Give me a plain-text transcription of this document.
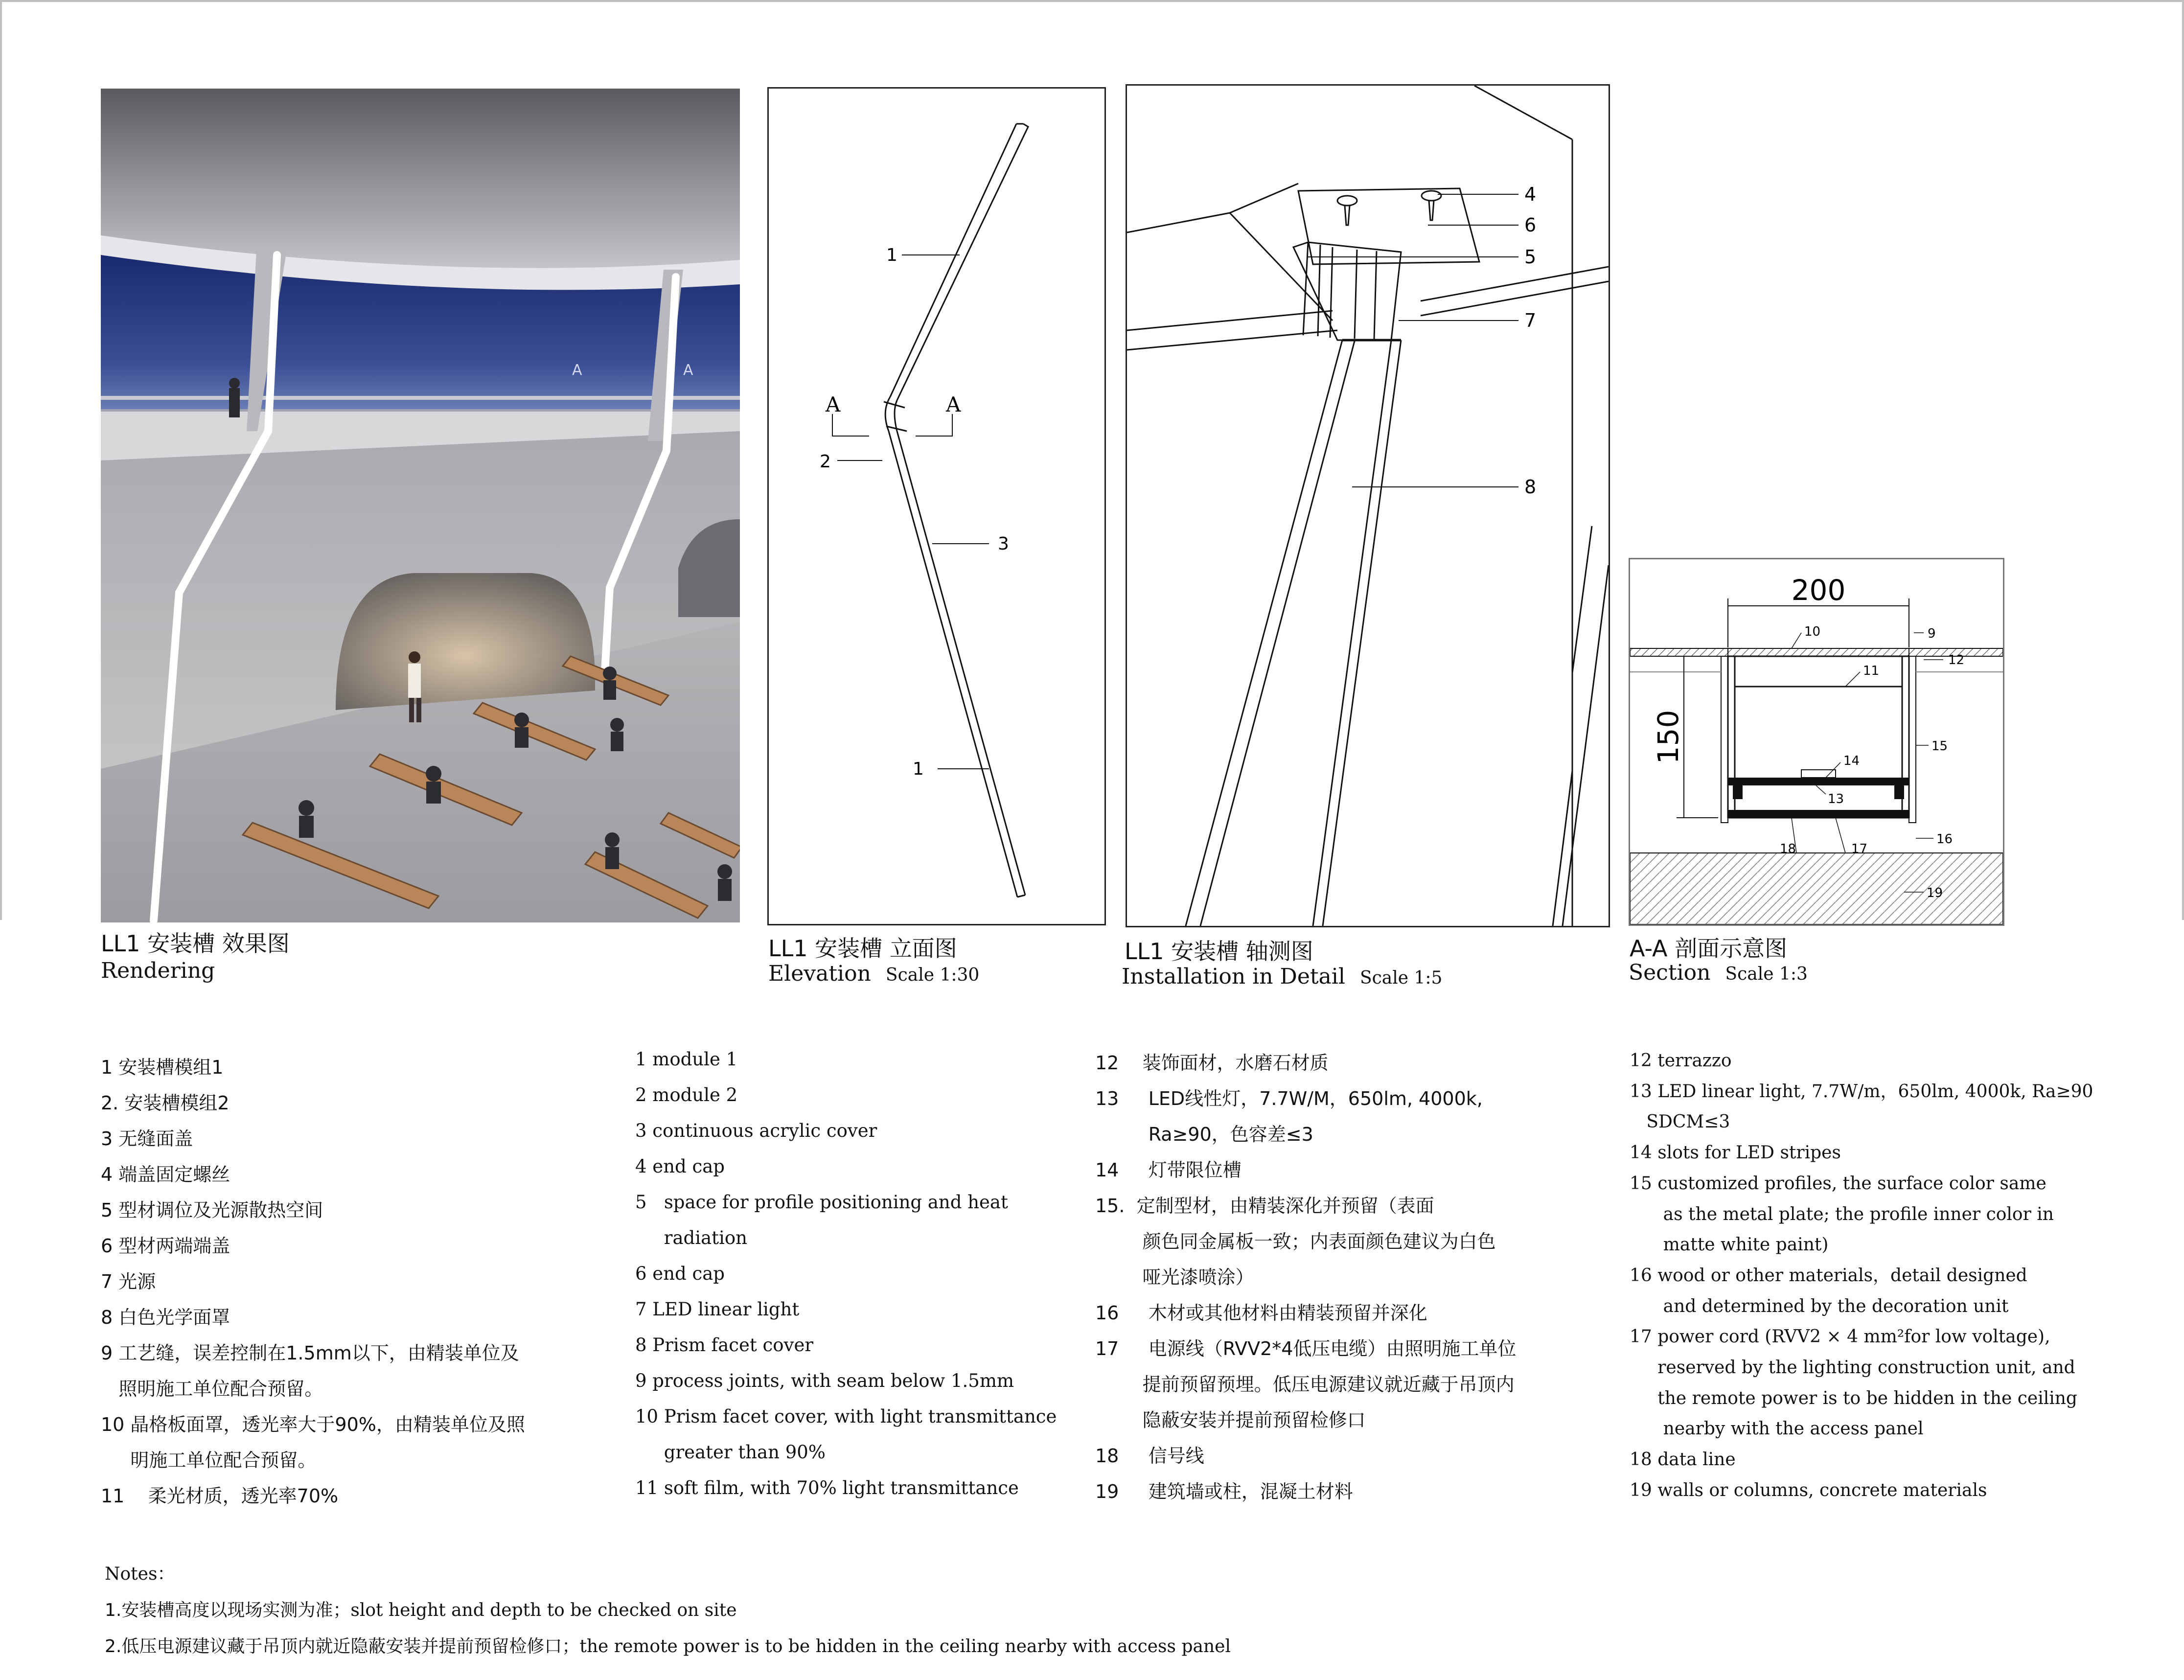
A	A
LL1 安装槽 效果图
Rendering
1
2
3
1
A	A
LL1 安装槽 立面图
Elevation Scale 1:30
4
6
5
7
8
LL1 安装槽 轴测图
Installation in Detail Scale 1:5
200
150
9
10
11
12
14
13
15
16
18	17
19
A-A 剖面示意图
Section Scale 1:3
1 安装槽模组1
2. 安装槽模组2
3 无缝面盖
4 端盖固定螺丝
5 型材调位及光源散热空间
6 型材两端端盖
7 光源
8 白色光学面罩
9 工艺缝，误差控制在1.5mm以下，由精装单位及
照明施工单位配合预留。
10 晶格板面罩，透光率大于90%，由精装单位及照
明施工单位配合预留。
11    柔光材质，透光率70%
1 module 1
2 module 2
3 continuous acrylic cover
4 end cap
5   space for profile positioning and heat
radiation
6 end cap
7 LED linear light
8 Prism facet cover
9 process joints, with seam below 1.5mm
10 Prism facet cover, with light transmittance
greater than 90%
11 soft film, with 70% light transmittance
12    装饰面材，水磨石材质
13     LED线性灯，7.7W/M，650lm, 4000k,
Ra≥90，色容差≤3
14     灯带限位槽
15.  定制型材，由精装深化并预留（表面
颜色同金属板一致；内表面颜色建议为白色
哑光漆喷涂）
16     木材或其他材料由精装预留并深化
17     电源线（RVV2*4低压电缆）由照明施工单位
提前预留预埋。低压电源建议就近藏于吊顶内
隐蔽安装并提前预留检修口
18     信号线
19     建筑墙或柱，混凝土材料
12 terrazzo
13 LED linear light, 7.7W/m，650lm, 4000k, Ra≥90
SDCM≤3
14 slots for LED stripes
15 customized profiles, the surface color same
as the metal plate; the profile inner color in
matte white paint)
16 wood or other materials，detail designed
and determined by the decoration unit
17 power cord (RVV2 × 4 mm²for low voltage),
reserved by the lighting construction unit, and
the remote power is to be hidden in the ceiling
nearby with the access panel
18 data line
19 walls or columns, concrete materials
Notes：
1.安装槽高度以现场实测为准；slot height and depth to be checked on site
2.低压电源建议藏于吊顶内就近隐蔽安装并提前预留检修口；the remote power is to be hidden in the ceiling nearby with access panel
